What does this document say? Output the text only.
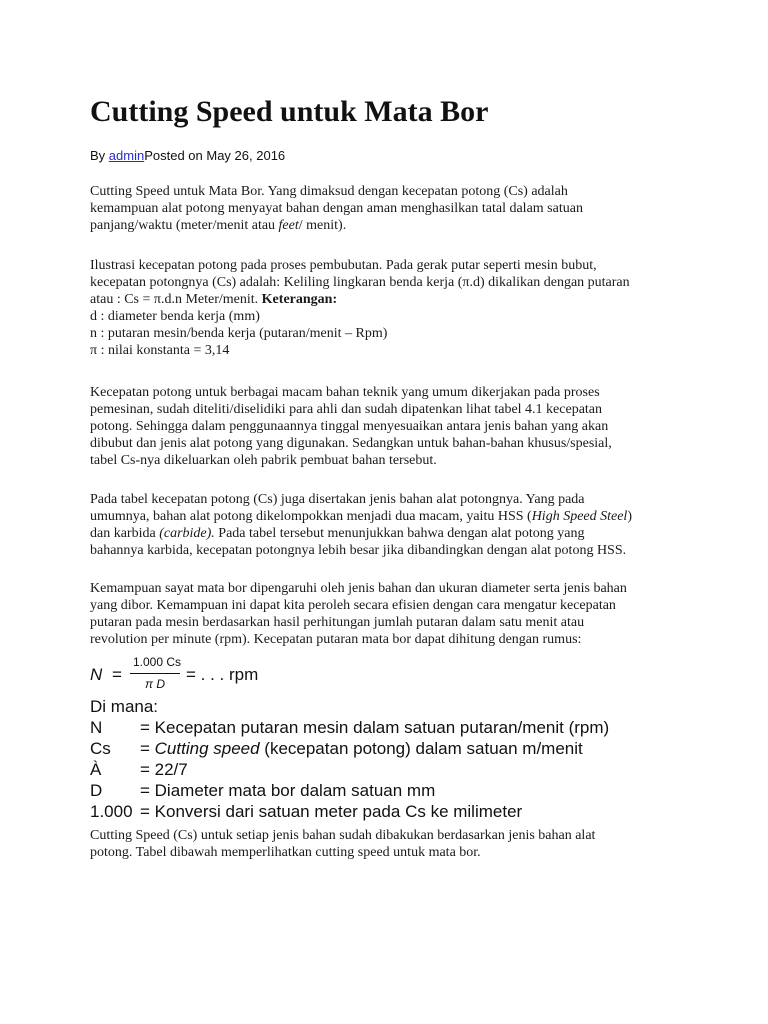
Cutting Speed untuk Mata Bor
By adminPosted on May 26, 2016

Cutting Speed untuk Mata Bor. Yang dimaksud dengan kecepatan potong (Cs) adalah
kemampuan alat potong menyayat bahan dengan aman menghasilkan tatal dalam satuan
panjang/waktu (meter/menit atau feet/ menit).

Ilustrasi kecepatan potong pada proses pembubutan. Pada gerak putar seperti mesin bubut,
kecepatan potongnya (Cs) adalah: Keliling lingkaran benda kerja (π.d) dikalikan dengan putaran
atau : Cs = π.d.n Meter/menit. Keterangan:
d : diameter benda kerja (mm)
n : putaran mesin/benda kerja (putaran/menit – Rpm)
π : nilai konstanta = 3,14

Kecepatan potong untuk berbagai macam bahan teknik yang umum dikerjakan pada proses
pemesinan, sudah diteliti/diselidiki para ahli dan sudah dipatenkan lihat tabel 4.1 kecepatan
potong. Sehingga dalam penggunaannya tinggal menyesuaikan antara jenis bahan yang akan
dibubut dan jenis alat potong yang digunakan. Sedangkan untuk bahan-bahan khusus/spesial,
tabel Cs-nya dikeluarkan oleh pabrik pembuat bahan tersebut.

Pada tabel kecepatan potong (Cs) juga disertakan jenis bahan alat potongnya. Yang pada
umumnya, bahan alat potong dikelompokkan menjadi dua macam, yaitu HSS (High Speed Steel)
dan karbida (carbide). Pada tabel tersebut menunjukkan bahwa dengan alat potong yang
bahannya karbida, kecepatan potongnya lebih besar jika dibandingkan dengan alat potong HSS.

Kemampuan sayat mata bor dipengaruhi oleh jenis bahan dan ukuran diameter serta jenis bahan
yang dibor. Kemampuan ini dapat kita peroleh secara efisien dengan cara mengatur kecepatan
putaran pada mesin berdasarkan hasil perhitungan jumlah putaran dalam satu menit atau
revolution per minute (rpm). Kecepatan putaran mata bor dapat dihitung dengan rumus:

N =
1.000 Cs
π D = . . . rpm
Di mana:
N = Kecepatan putaran mesin dalam satuan putaran/menit (rpm)
Cs = Cutting speed (kecepatan potong) dalam satuan m/menit
À = 22/7
D = Diameter mata bor dalam satuan mm
1.000 = Konversi dari satuan meter pada Cs ke milimeter

Cutting Speed (Cs) untuk setiap jenis bahan sudah dibakukan berdasarkan jenis bahan alat
potong. Tabel dibawah memperlihatkan cutting speed untuk mata bor.
